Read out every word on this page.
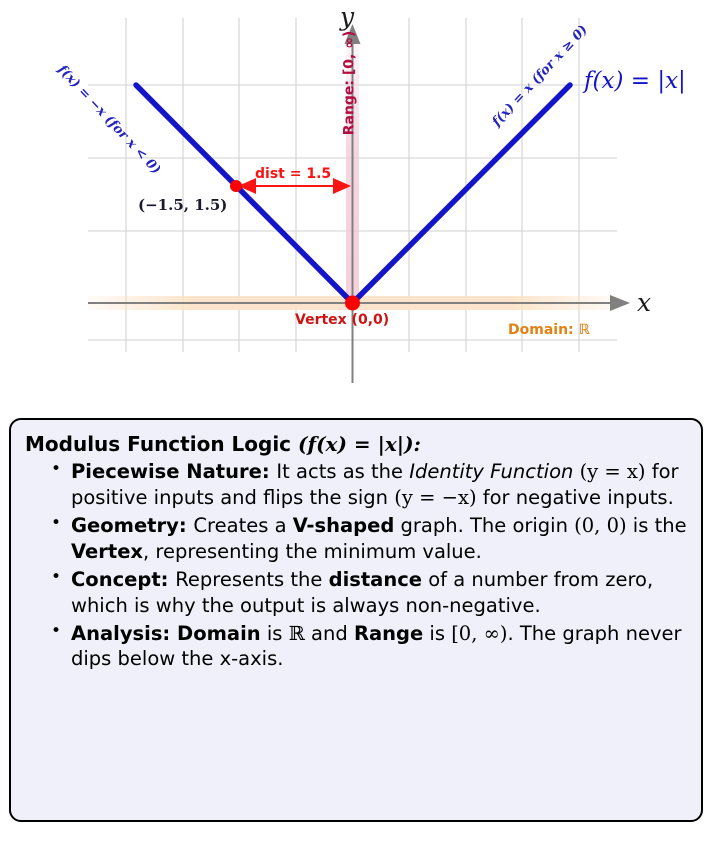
y
x
f(x) = |x|
f(x) = −x (for x < 0)	f(x) = x (for x ≥ 0)
Range: [0, ∞)
Domain: ℝ
Vertex (0,0)
dist = 1.5
(−1.5, 1.5)
Modulus Function Logic (f(x) = |x|):
• Piecewise Nature: It acts as the Identity Function (y = x) for positive inputs and flips the sign (y = −x) for negative inputs.
• Geometry: Creates a V-shaped graph. The origin (0, 0) is the Vertex, representing the minimum value.
• Concept: Represents the distance of a number from zero, which is why the output is always non-negative.
• Analysis: Domain is ℝ and Range is [0, ∞). The graph never dips below the x-axis.
